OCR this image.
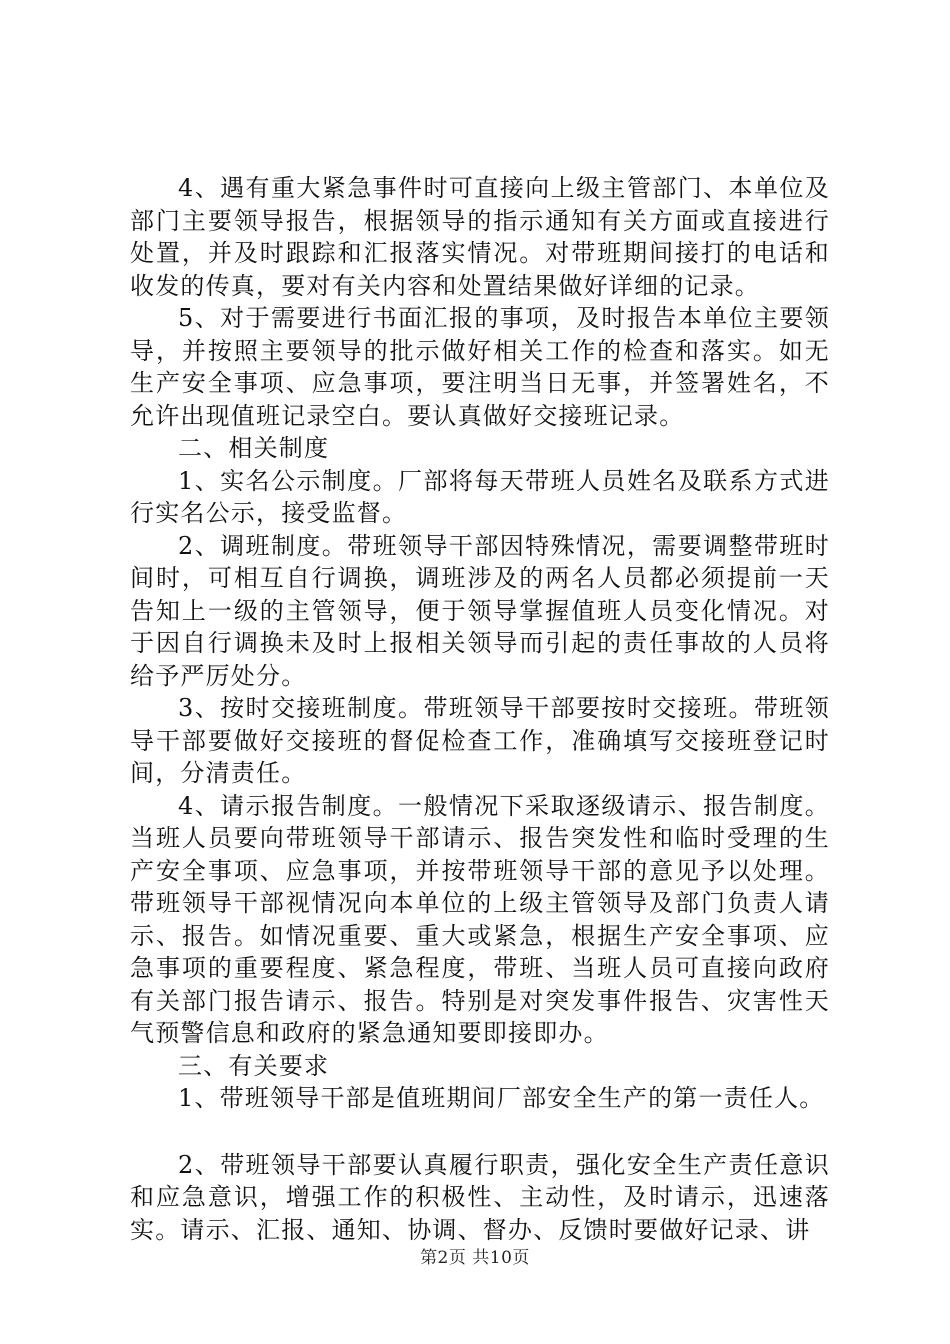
4、遇有重大紧急事件时可直接向上级主管部门、本单位及部门主要领导报告，根据领导的指示通知有关方面或直接进行处置，并及时跟踪和汇报落实情况。对带班期间接打的电话和收发的传真，要对有关内容和处置结果做好详细的记录。

5、对于需要进行书面汇报的事项，及时报告本单位主要领导，并按照主要领导的批示做好相关工作的检查和落实。如无生产安全事项、应急事项，要注明当日无事，并签署姓名，不允许出现值班记录空白。要认真做好交接班记录。

二、相关制度

1、实名公示制度。厂部将每天带班人员姓名及联系方式进行实名公示，接受监督。

2、调班制度。带班领导干部因特殊情况，需要调整带班时间时，可相互自行调换，调班涉及的两名人员都必须提前一天告知上一级的主管领导，便于领导掌握值班人员变化情况。对于因自行调换未及时上报相关领导而引起的责任事故的人员将给予严厉处分。

3、按时交接班制度。带班领导干部要按时交接班。带班领导干部要做好交接班的督促检查工作，准确填写交接班登记时间，分清责任。

4、请示报告制度。一般情况下采取逐级请示、报告制度。当班人员要向带班领导干部请示、报告突发性和临时受理的生产安全事项、应急事项，并按带班领导干部的意见予以处理。带班领导干部视情况向本单位的上级主管领导及部门负责人请示、报告。如情况重要、重大或紧急，根据生产安全事项、应急事项的重要程度、紧急程度，带班、当班人员可直接向政府有关部门报告请示、报告。特别是对突发事件报告、灾害性天气预警信息和政府的紧急通知要即接即办。

三、有关要求

1、带班领导干部是值班期间厂部安全生产的第一责任人。

2、带班领导干部要认真履行职责，强化安全生产责任意识和应急意识，增强工作的积极性、主动性，及时请示，迅速落实。请示、汇报、通知、协调、督办、反馈时要做好记录、讲

第2页 共10页
